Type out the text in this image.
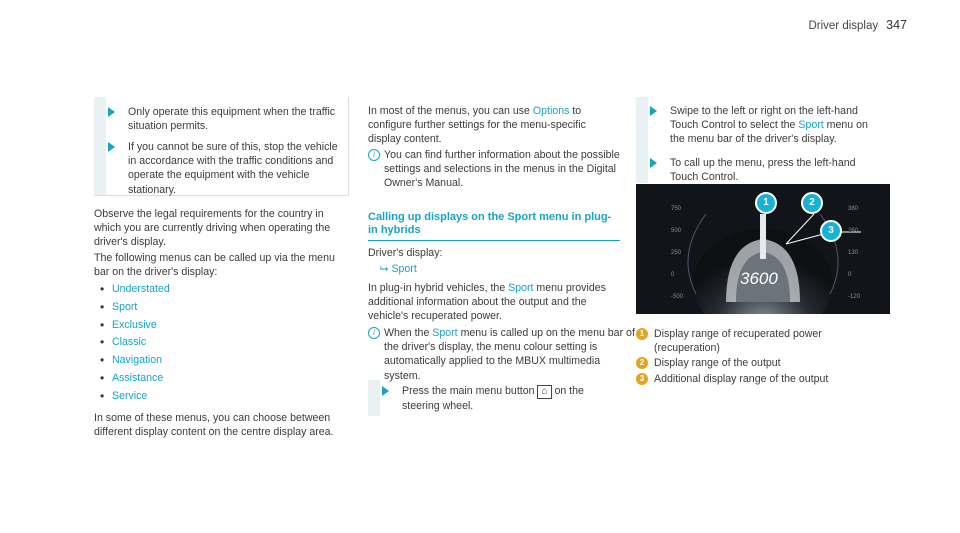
Driver display 347
Only operate this equipment when the traffic situation permits.
If you cannot be sure of this, stop the vehicle in accordance with the traffic conditions and operate the equipment with the vehicle stationary.
Observe the legal requirements for the country in which you are currently driving when operating the driver's display.
The following menus can be called up via the menu bar on the driver's display:
• Understated
• Sport
• Exclusive
• Classic
• Navigation
• Assistance
• Service
In some of these menus, you can choose between different display content on the centre display area.
In most of the menus, you can use Options to configure further settings for the menu-specific display content.
i You can find further information about the possible settings and selections in the menus in the Digital Owner's Manual.
Calling up displays on the Sport menu in plug-in hybrids
Driver's display:
⮡ Sport
In plug-in hybrid vehicles, the Sport menu provides additional information about the output and the vehicle's recuperated power.
i When the Sport menu is called up on the menu bar of the driver's display, the menu colour setting is automatically applied to the MBUX multimedia system.
Press the main menu button ⌂ on the steering wheel.
Swipe to the left or right on the left-hand Touch Control to select the Sport menu on the menu bar of the driver's display.
To call up the menu, press the left-hand Touch Control.
750
500
250
0
-500
380
260
130
0
-120
3600
1	2
3
1 Display range of recuperated power (recuperation)
2 Display range of the output
3 Additional display range of the output
